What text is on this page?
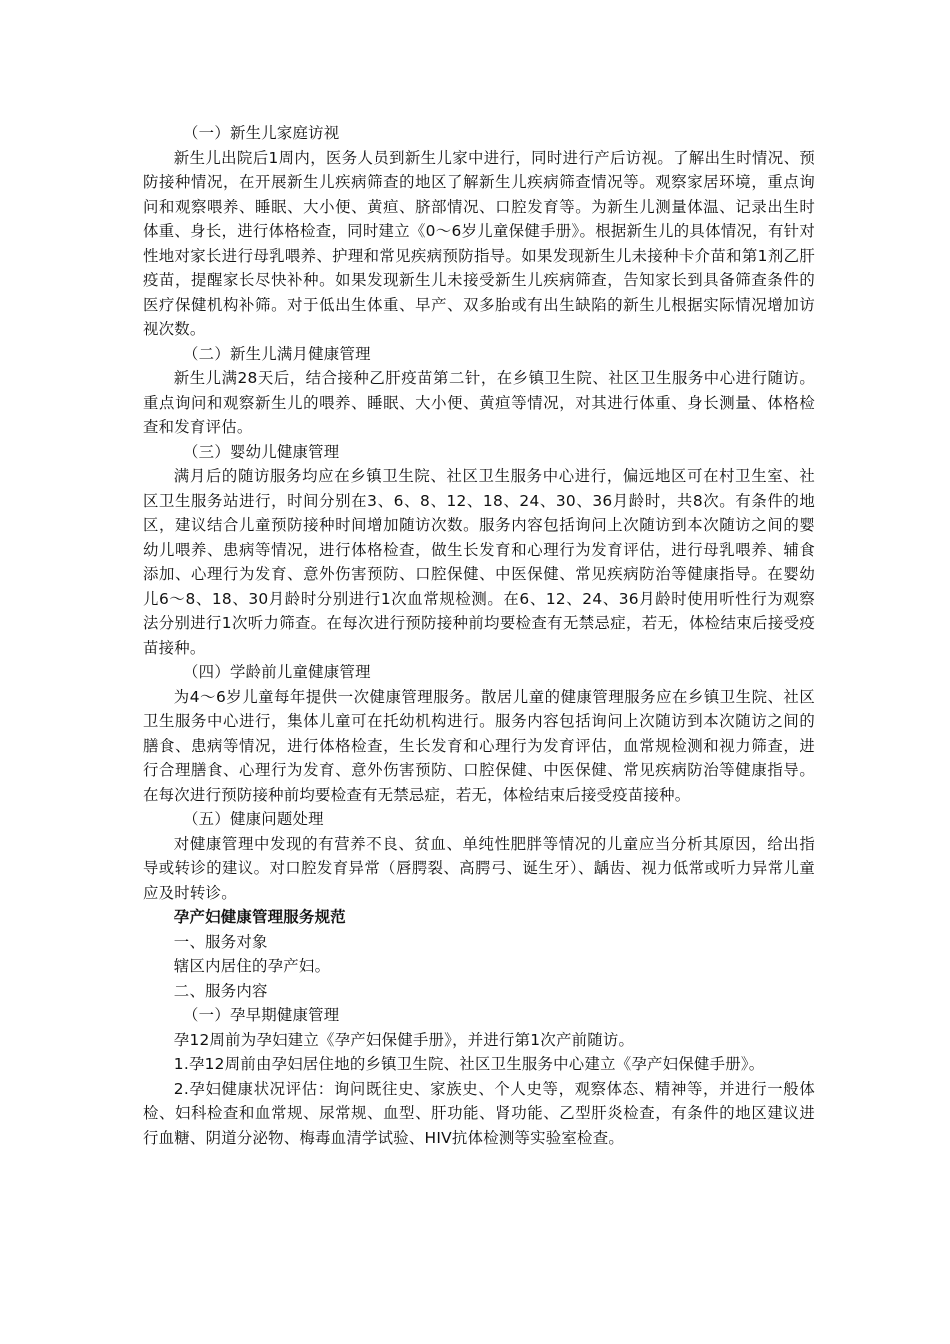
（一）新生儿家庭访视

新生儿出院后1周内，医务人员到新生儿家中进行，同时进行产后访视。了解出生时情况、预防接种情况，在开展新生儿疾病筛查的地区了解新生儿疾病筛查情况等。观察家居环境，重点询问和观察喂养、睡眠、大小便、黄疸、脐部情况、口腔发育等。为新生儿测量体温、记录出生时体重、身长，进行体格检查，同时建立《0～6岁儿童保健手册》。根据新生儿的具体情况，有针对性地对家长进行母乳喂养、护理和常见疾病预防指导。如果发现新生儿未接种卡介苗和第1剂乙肝疫苗，提醒家长尽快补种。如果发现新生儿未接受新生儿疾病筛查，告知家长到具备筛查条件的医疗保健机构补筛。对于低出生体重、早产、双多胎或有出生缺陷的新生儿根据实际情况增加访视次数。

（二）新生儿满月健康管理

新生儿满28天后，结合接种乙肝疫苗第二针，在乡镇卫生院、社区卫生服务中心进行随访。重点询问和观察新生儿的喂养、睡眠、大小便、黄疸等情况，对其进行体重、身长测量、体格检查和发育评估。

（三）婴幼儿健康管理

满月后的随访服务均应在乡镇卫生院、社区卫生服务中心进行，偏远地区可在村卫生室、社区卫生服务站进行，时间分别在3、6、8、12、18、24、30、36月龄时，共8次。有条件的地区，建议结合儿童预防接种时间增加随访次数。服务内容包括询问上次随访到本次随访之间的婴幼儿喂养、患病等情况，进行体格检查，做生长发育和心理行为发育评估，进行母乳喂养、辅食添加、心理行为发育、意外伤害预防、口腔保健、中医保健、常见疾病防治等健康指导。在婴幼儿6～8、18、30月龄时分别进行1次血常规检测。在6、12、24、36月龄时使用听性行为观察法分别进行1次听力筛查。在每次进行预防接种前均要检查有无禁忌症，若无，体检结束后接受疫苗接种。

（四）学龄前儿童健康管理

为4～6岁儿童每年提供一次健康管理服务。散居儿童的健康管理服务应在乡镇卫生院、社区卫生服务中心进行，集体儿童可在托幼机构进行。服务内容包括询问上次随访到本次随访之间的膳食、患病等情况，进行体格检查，生长发育和心理行为发育评估，血常规检测和视力筛查，进行合理膳食、心理行为发育、意外伤害预防、口腔保健、中医保健、常见疾病防治等健康指导。在每次进行预防接种前均要检查有无禁忌症，若无，体检结束后接受疫苗接种。

（五）健康问题处理

对健康管理中发现的有营养不良、贫血、单纯性肥胖等情况的儿童应当分析其原因，给出指导或转诊的建议。对口腔发育异常（唇腭裂、高腭弓、诞生牙）、龋齿、视力低常或听力异常儿童应及时转诊。

孕产妇健康管理服务规范

一、服务对象

辖区内居住的孕产妇。

二、服务内容

（一）孕早期健康管理

孕12周前为孕妇建立《孕产妇保健手册》，并进行第1次产前随访。

1.孕12周前由孕妇居住地的乡镇卫生院、社区卫生服务中心建立《孕产妇保健手册》。

2.孕妇健康状况评估：询问既往史、家族史、个人史等，观察体态、精神等，并进行一般体检、妇科检查和血常规、尿常规、血型、肝功能、肾功能、乙型肝炎检查，有条件的地区建议进行血糖、阴道分泌物、梅毒血清学试验、HIV抗体检测等实验室检查。
